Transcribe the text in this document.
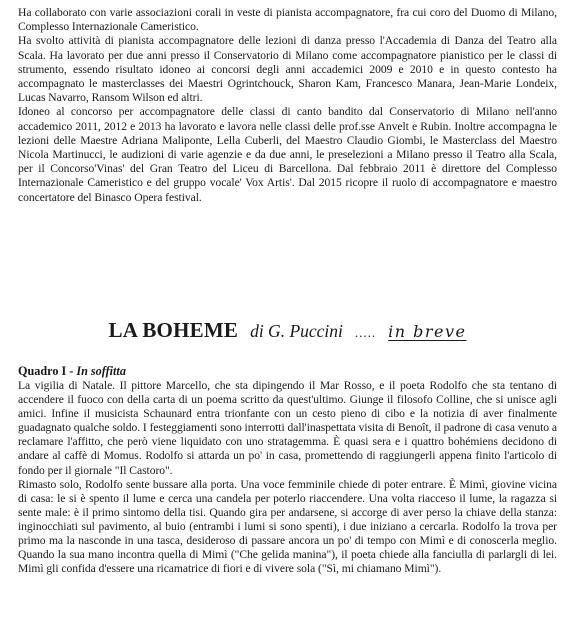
Ha collaborato con varie associazioni corali in veste di pianista accompagnatore, fra cui coro del Duomo di Milano, Complesso Internazionale Cameristico.

Ha svolto attività di pianista accompagnatore delle lezioni di danza presso l'Accademia di Danza del Teatro alla Scala. Ha lavorato per due anni presso il Conservatorio di Milano come accompagnatore pianistico per le classi di strumento, essendo risultato idoneo ai concorsi degli anni accademici 2009 e 2010 e in questo contesto ha accompagnato le masterclasses dei Maestri Ogrintchouck, Sharon Kam, Francesco Manara, Jean-Marie Londeix, Lucas Navarro, Ransom Wilson ed altri.

Idoneo al concorso per accompagnatore delle classi di canto bandito dal Conservatorio di Milano nell'anno accademico 2011, 2012 e 2013 ha lavorato e lavora nelle classi delle prof.sse Anvelt e Rubin. Inoltre accompagna le lezioni delle Maestre Adriana Maliponte, Lella Cuberli, del Maestro Claudio Giombi, le Masterclass del Maestro Nicola Martinucci, le audizioni di varie agenzie e da due anni, le preselezioni a Milano presso il Teatro alla Scala, per il Concorso'Vinas' del Gran Teatro del Liceu di Barcellona. Dal febbraio 2011 è direttore del Complesso Internazionale Cameristico e del gruppo vocale' Vox Artis'. Dal 2015 ricopre il ruolo di accompagnatore e maestro concertatore del Binasco Opera festival.

LA BOHEME di G. Puccini ..... in breve
Quadro I - In soffitta

La vigilia di Natale. Il pittore Marcello, che sta dipingendo il Mar Rosso, e il poeta Rodolfo che sta tentano di accendere il fuoco con della carta di un poema scritto da quest'ultimo. Giunge il filosofo Colline, che si unisce agli amici. Infine il musicista Schaunard entra trionfante con un cesto pieno di cibo e la notizia di aver finalmente guadagnato qualche soldo. I festeggiamenti sono interrotti dall'inaspettata visita di Benoît, il padrone di casa venuto a reclamare l'affitto, che però viene liquidato con uno stratagemma. È quasi sera e i quattro bohémiens decidono di andare al caffè di Momus. Rodolfo si attarda un po' in casa, promettendo di raggiungerli appena finito l'articolo di fondo per il giornale "Il Castoro".

Rimasto solo, Rodolfo sente bussare alla porta. Una voce femminile chiede di poter entrare. È Mimì, giovine vicina di casa: le si è spento il lume e cerca una candela per poterlo riaccendere. Una volta riacceso il lume, la ragazza si sente male: è il primo sintomo della tisi. Quando gira per andarsene, si accorge di aver perso la chiave della stanza: inginocchiati sul pavimento, al buio (entrambi i lumi si sono spenti), i due iniziano a cercarla. Rodolfo la trova per primo ma la nasconde in una tasca, desideroso di passare ancora un po' di tempo con Mimì e di conoscerla meglio. Quando la sua mano incontra quella di Mimì ("Che gelida manina"), il poeta chiede alla fanciulla di parlargli di lei. Mimì gli confida d'essere una ricamatrice di fiori e di vivere sola ("Sì, mi chiamano Mimì").
